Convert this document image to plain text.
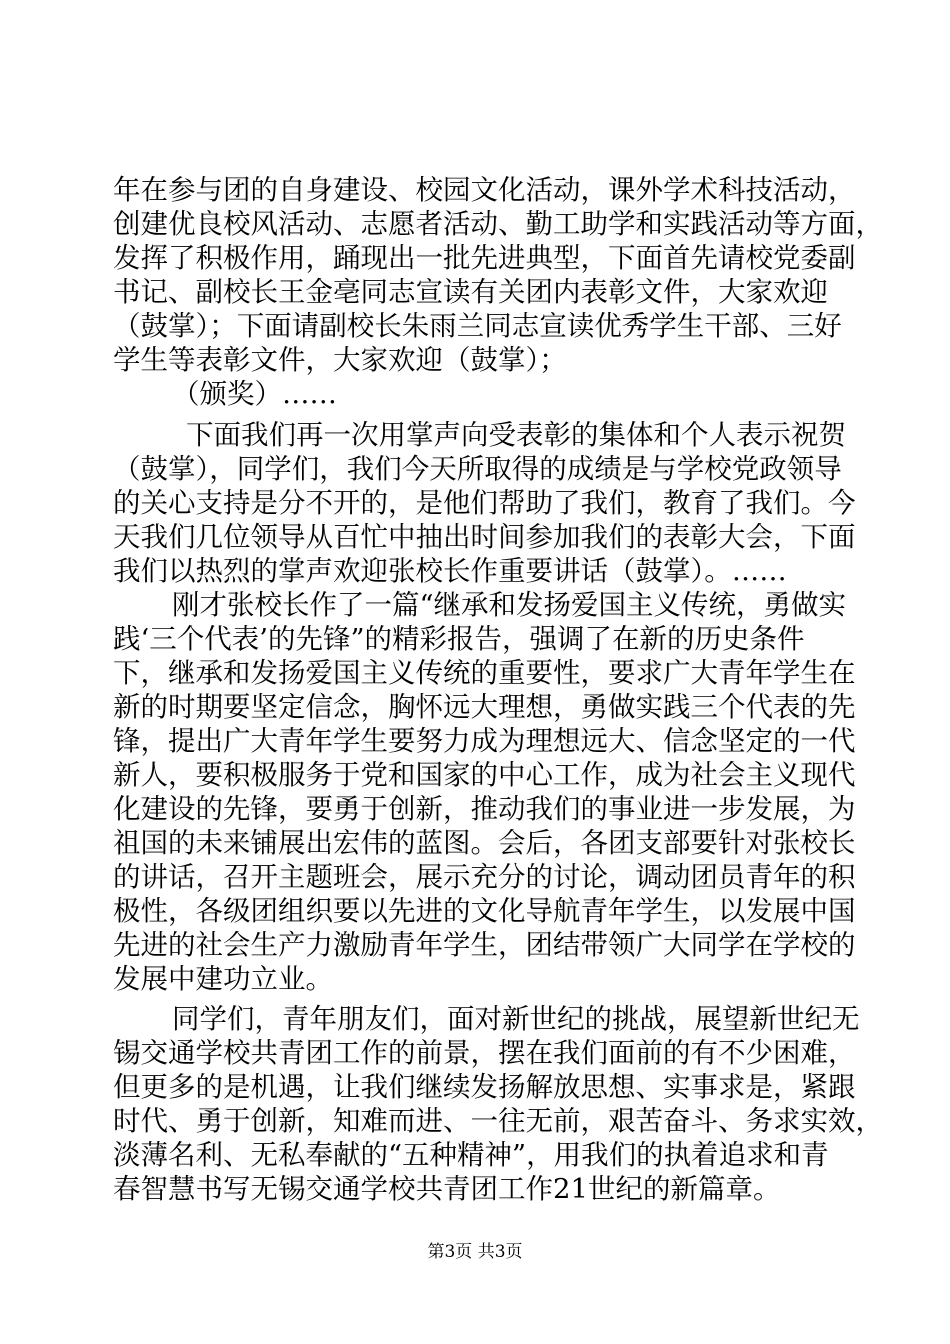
年在参与团的自身建设、校园文化活动，课外学术科技活动，
创建优良校风活动、志愿者活动、勤工助学和实践活动等方面，
发挥了积极作用，踊现出一批先进典型，下面首先请校党委副
书记、副校长王金亳同志宣读有关团内表彰文件，大家欢迎
（鼓掌）；下面请副校长朱雨兰同志宣读优秀学生干部、三好
学生等表彰文件，大家欢迎（鼓掌）；
（颁奖）……
下面我们再一次用掌声向受表彰的集体和个人表示祝贺
（鼓掌），同学们，我们今天所取得的成绩是与学校党政领导
的关心支持是分不开的，是他们帮助了我们，教育了我们。今
天我们几位领导从百忙中抽出时间参加我们的表彰大会，下面
我们以热烈的掌声欢迎张校长作重要讲话（鼓掌）。……
刚才张校长作了一篇“继承和发扬爱国主义传统，勇做实
践‘三个代表’的先锋”的精彩报告，强调了在新的历史条件
下，继承和发扬爱国主义传统的重要性，要求广大青年学生在
新的时期要坚定信念，胸怀远大理想，勇做实践三个代表的先
锋，提出广大青年学生要努力成为理想远大、信念坚定的一代
新人，要积极服务于党和国家的中心工作，成为社会主义现代
化建设的先锋，要勇于创新，推动我们的事业进一步发展，为
祖国的未来铺展出宏伟的蓝图。会后，各团支部要针对张校长
的讲话，召开主题班会，展示充分的讨论，调动团员青年的积
极性，各级团组织要以先进的文化导航青年学生，以发展中国
先进的社会生产力激励青年学生，团结带领广大同学在学校的
发展中建功立业。
同学们，青年朋友们，面对新世纪的挑战，展望新世纪无
锡交通学校共青团工作的前景，摆在我们面前的有不少困难，
但更多的是机遇，让我们继续发扬解放思想、实事求是，紧跟
时代、勇于创新，知难而进、一往无前，艰苦奋斗、务求实效，
淡薄名利、无私奉献的“五种精神”，用我们的执着追求和青
春智慧书写无锡交通学校共青团工作21世纪的新篇章。
第3页 共3页
